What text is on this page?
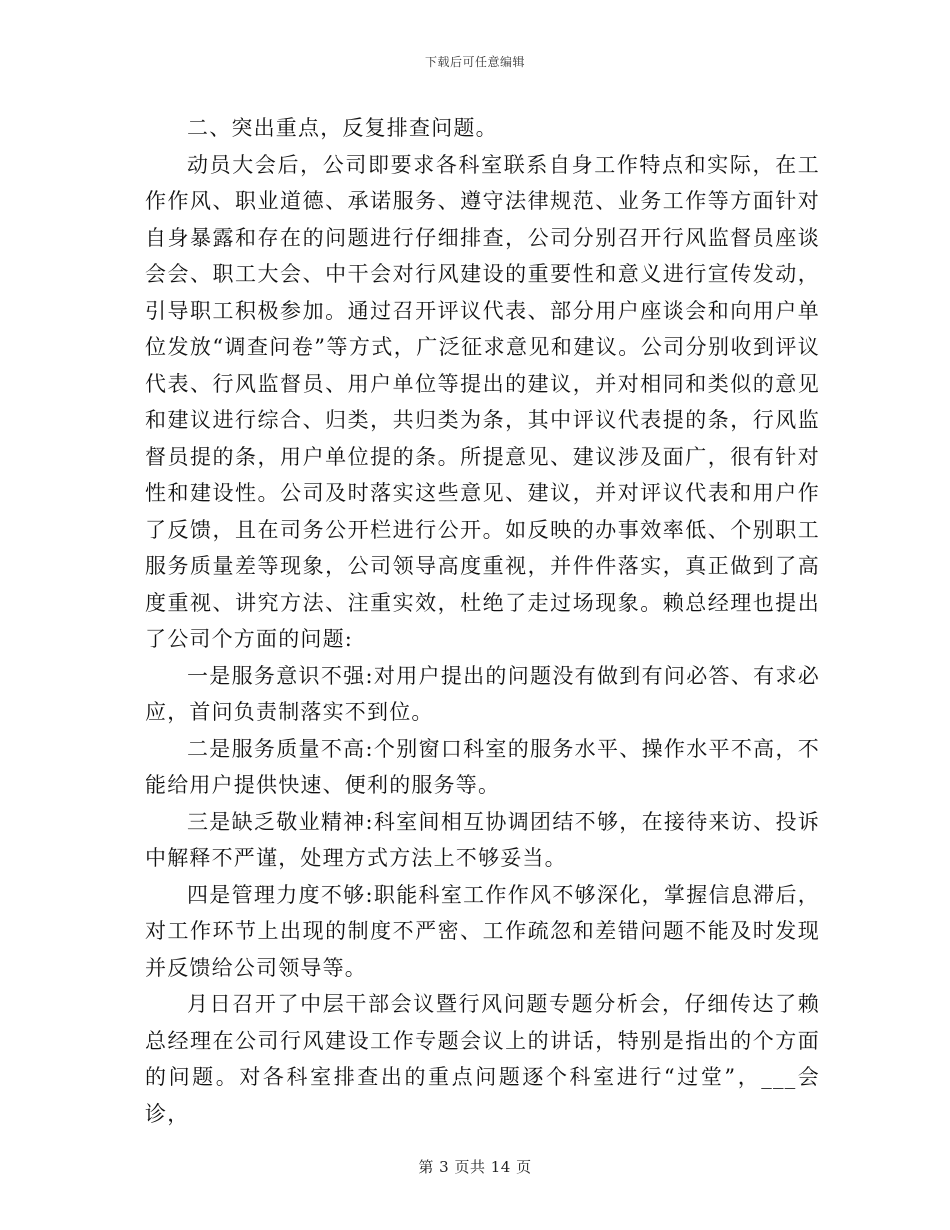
下载后可任意编辑

二、突出重点，反复排查问题。

动员大会后，公司即要求各科室联系自身工作特点和实际，在工作作风、职业道德、承诺服务、遵守法律规范、业务工作等方面针对自身暴露和存在的问题进行仔细排查，公司分别召开行风监督员座谈会会、职工大会、中干会对行风建设的重要性和意义进行宣传发动，引导职工积极参加。通过召开评议代表、部分用户座谈会和向用户单位发放“调查问卷”等方式，广泛征求意见和建议。公司分别收到评议代表、行风监督员、用户单位等提出的建议，并对相同和类似的意见和建议进行综合、归类，共归类为条，其中评议代表提的条，行风监督员提的条，用户单位提的条。所提意见、建议涉及面广，很有针对性和建设性。公司及时落实这些意见、建议，并对评议代表和用户作了反馈，且在司务公开栏进行公开。如反映的办事效率低、个别职工服务质量差等现象，公司领导高度重视，并件件落实，真正做到了高度重视、讲究方法、注重实效，杜绝了走过场现象。赖总经理也提出了公司个方面的问题:

一是服务意识不强:对用户提出的问题没有做到有问必答、有求必应，首问负责制落实不到位。

二是服务质量不高:个别窗口科室的服务水平、操作水平不高，不能给用户提供快速、便利的服务等。

三是缺乏敬业精神:科室间相互协调团结不够，在接待来访、投诉中解释不严谨，处理方式方法上不够妥当。

四是管理力度不够:职能科室工作作风不够深化，掌握信息滞后，对工作环节上出现的制度不严密、工作疏忽和差错问题不能及时发现并反馈给公司领导等。

月日召开了中层干部会议暨行风问题专题分析会，仔细传达了赖总经理在公司行风建设工作专题会议上的讲话，特别是指出的个方面的问题。对各科室排查出的重点问题逐个科室进行“过堂”，___会诊，

第 3 页共 14 页
